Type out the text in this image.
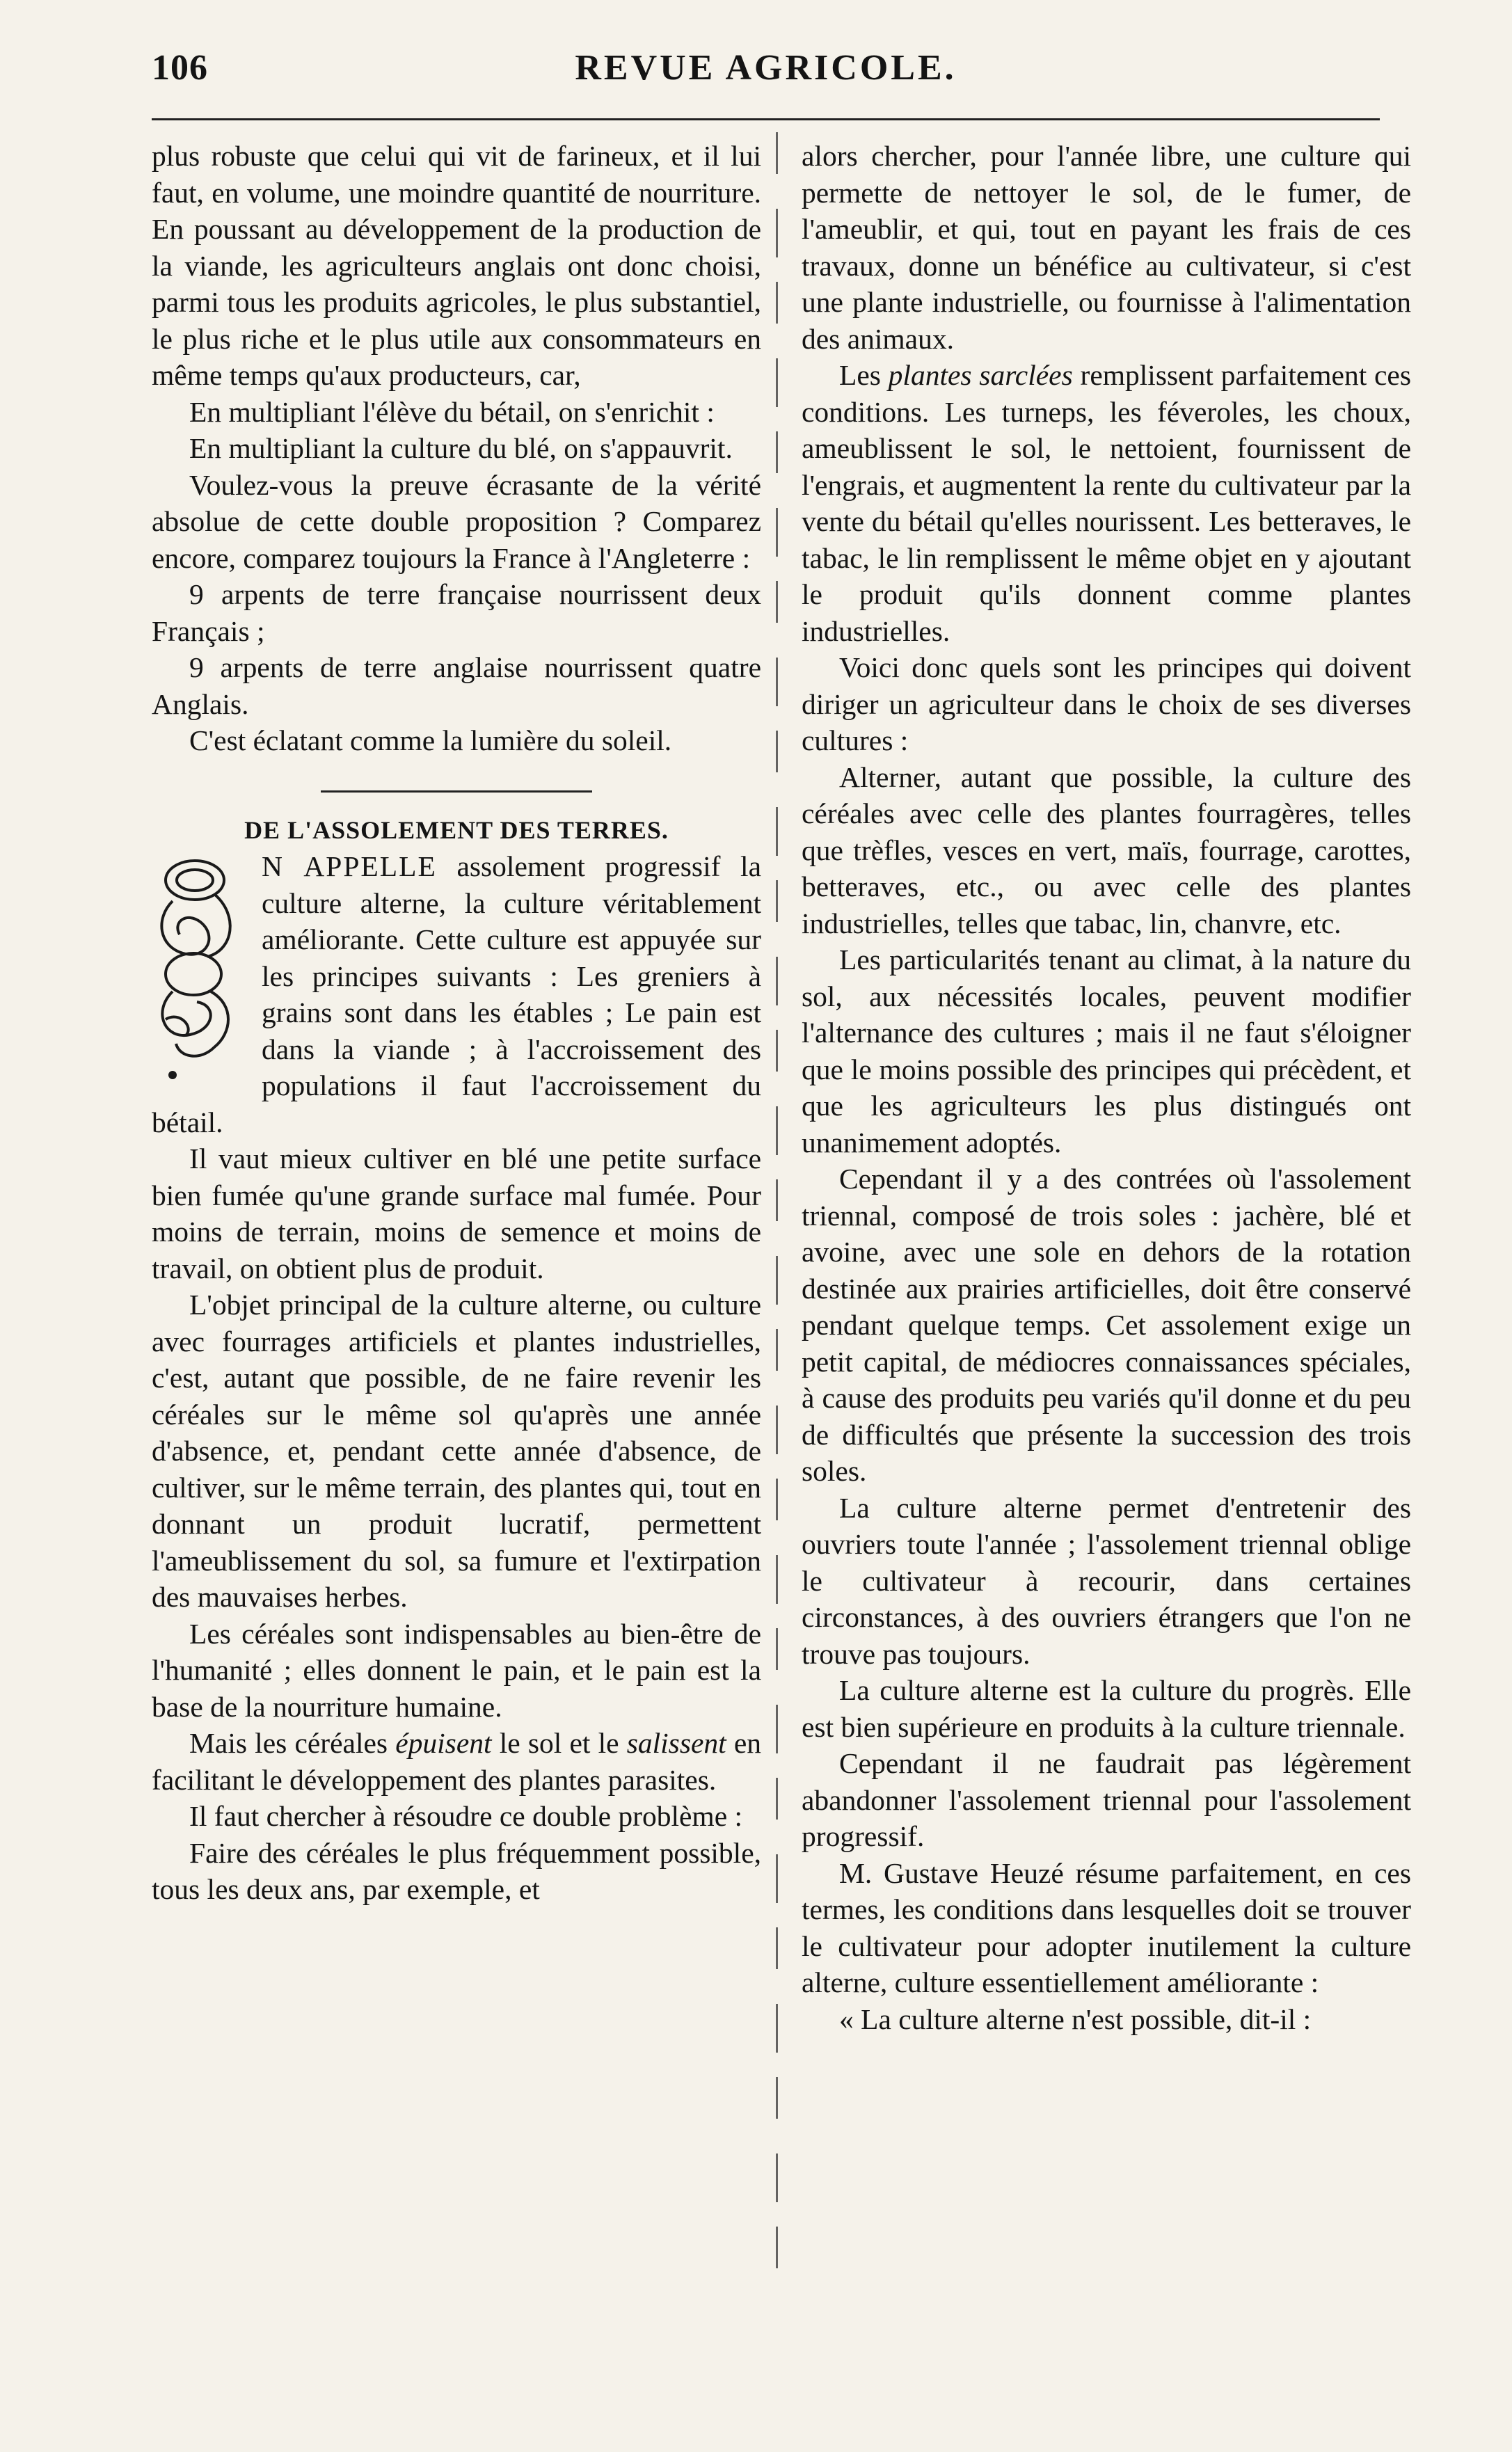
106	REVUE AGRICOLE.

plus robuste que celui qui vit de farineux, et il lui faut, en volume, une moindre quantité de nourriture. En poussant au développement de la production de la viande, les agriculteurs anglais ont donc choisi, parmi tous les produits agricoles, le plus substantiel, le plus riche et le plus utile aux consommateurs en même temps qu'aux producteurs, car,

En multipliant l'élève du bétail, on s'enrichit :

En multipliant la culture du blé, on s'appauvrit.

Voulez-vous la preuve écrasante de la vérité absolue de cette double proposition ? Comparez encore, comparez toujours la France à l'Angleterre :

9 arpents de terre française nourrissent deux Français ;

9 arpents de terre anglaise nourrissent quatre Anglais.

C'est éclatant comme la lumière du soleil.

DE L'ASSOLEMENT DES TERRES.

N APPELLE assolement progressif la culture alterne, la culture véritablement améliorante. Cette culture est appuyée sur les principes suivants : Les greniers à grains sont dans les étables ; Le pain est dans la viande ; à l'accroissement des populations il faut l'accroissement du bétail.

Il vaut mieux cultiver en blé une petite surface bien fumée qu'une grande surface mal fumée. Pour moins de terrain, moins de semence et moins de travail, on obtient plus de produit.

L'objet principal de la culture alterne, ou culture avec fourrages artificiels et plantes industrielles, c'est, autant que possible, de ne faire revenir les céréales sur le même sol qu'après une année d'absence, et, pendant cette année d'absence, de cultiver, sur le même terrain, des plantes qui, tout en donnant un produit lucratif, permettent l'ameublissement du sol, sa fumure et l'extirpation des mauvaises herbes.

Les céréales sont indispensables au bien-être de l'humanité ; elles donnent le pain, et le pain est la base de la nourriture humaine.

Mais les céréales épuisent le sol et le salissent en facilitant le développement des plantes parasites.

Il faut chercher à résoudre ce double problème :

Faire des céréales le plus fréquemment possible, tous les deux ans, par exemple, et

alors chercher, pour l'année libre, une culture qui permette de nettoyer le sol, de le fumer, de l'ameublir, et qui, tout en payant les frais de ces travaux, donne un bénéfice au cultivateur, si c'est une plante industrielle, ou fournisse à l'alimentation des animaux.

Les plantes sarclées remplissent parfaitement ces conditions. Les turneps, les féveroles, les choux, ameublissent le sol, le nettoient, fournissent de l'engrais, et augmentent la rente du cultivateur par la vente du bétail qu'elles nourissent. Les betteraves, le tabac, le lin remplissent le même objet en y ajoutant le produit qu'ils donnent comme plantes industrielles.

Voici donc quels sont les principes qui doivent diriger un agriculteur dans le choix de ses diverses cultures :

Alterner, autant que possible, la culture des céréales avec celle des plantes fourragères, telles que trèfles, vesces en vert, maïs, fourrage, carottes, betteraves, etc., ou avec celle des plantes industrielles, telles que tabac, lin, chanvre, etc.

Les particularités tenant au climat, à la nature du sol, aux nécessités locales, peuvent modifier l'alternance des cultures ; mais il ne faut s'éloigner que le moins possible des principes qui précèdent, et que les agriculteurs les plus distingués ont unanimement adoptés.

Cependant il y a des contrées où l'assolement triennal, composé de trois soles : jachère, blé et avoine, avec une sole en dehors de la rotation destinée aux prairies artificielles, doit être conservé pendant quelque temps. Cet assolement exige un petit capital, de médiocres connaissances spéciales, à cause des produits peu variés qu'il donne et du peu de difficultés que présente la succession des trois soles.

La culture alterne permet d'entretenir des ouvriers toute l'année ; l'assolement triennal oblige le cultivateur à recourir, dans certaines circonstances, à des ouvriers étrangers que l'on ne trouve pas toujours.

La culture alterne est la culture du progrès. Elle est bien supérieure en produits à la culture triennale.

Cependant il ne faudrait pas légèrement abandonner l'assolement triennal pour l'assolement progressif.

M. Gustave Heuzé résume parfaitement, en ces termes, les conditions dans lesquelles doit se trouver le cultivateur pour adopter inutilement la culture alterne, culture essentiellement améliorante :

« La culture alterne n'est possible, dit-il :
